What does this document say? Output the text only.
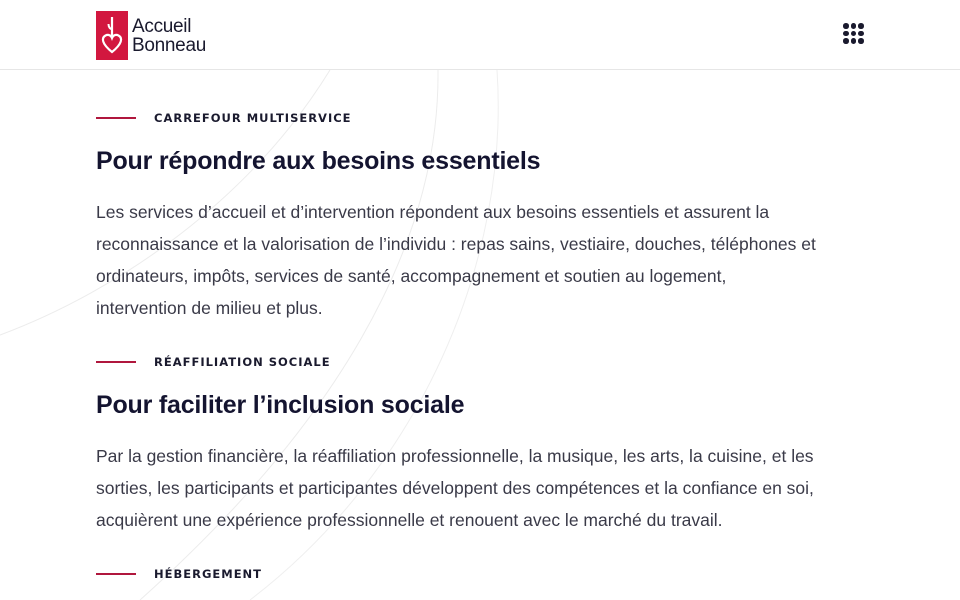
Accueil
Bonneau
CARREFOUR MULTISERVICE
Pour répondre aux besoins essentiels

Les services d’accueil et d’intervention répondent aux besoins essentiels et assurent la reconnaissance et la valorisation de l’individu : repas sains, vestiaire, douches, téléphones et ordinateurs, impôts, services de santé, accompagnement et soutien au logement, intervention de milieu et plus.

RÉAFFILIATION SOCIALE
Pour faciliter l’inclusion sociale

Par la gestion financière, la réaffiliation professionnelle, la musique, les arts, la cuisine, et les sorties, les participants et participantes développent des compétences et la confiance en soi, acquièrent une expérience professionnelle et renouent avec le marché du travail.

HÉBERGEMENT
